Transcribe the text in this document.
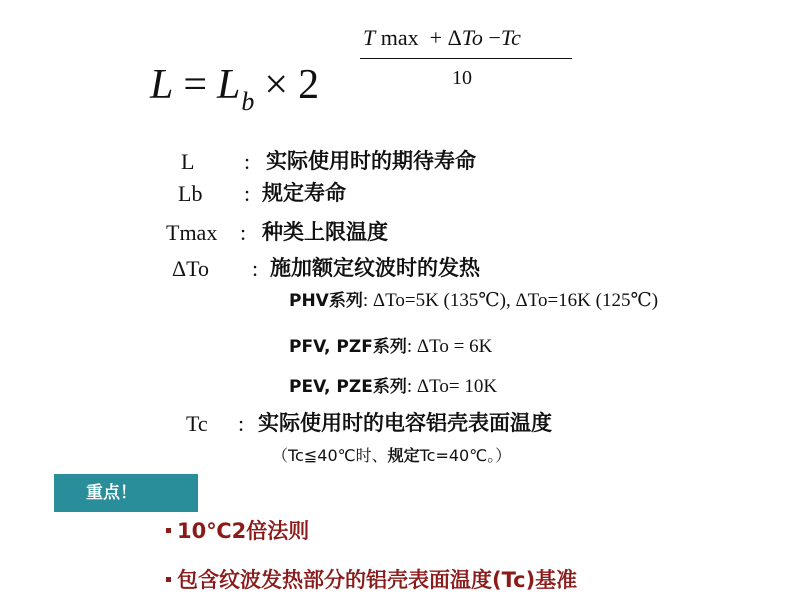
$L = L_b \times 2$
T max + ΔTo −Tc
10
L : 实际使用时的期待寿命
Lb : 规定寿命
Tmax : 种类上限温度
ΔTo : 施加额定纹波时的发热
PHV系列: ΔTo=5K (135℃), ΔTo=16K (125℃)
PFV, PZF系列: ΔTo = 6K
PEV, PZE系列: ΔTo= 10K
Tc : 实际使用时的电容铝壳表面温度
（Tc≦40℃时、规定Tc=40℃。）
重点！
10℃2倍法则
包含纹波发热部分的铝壳表面温度(Tc)基准
